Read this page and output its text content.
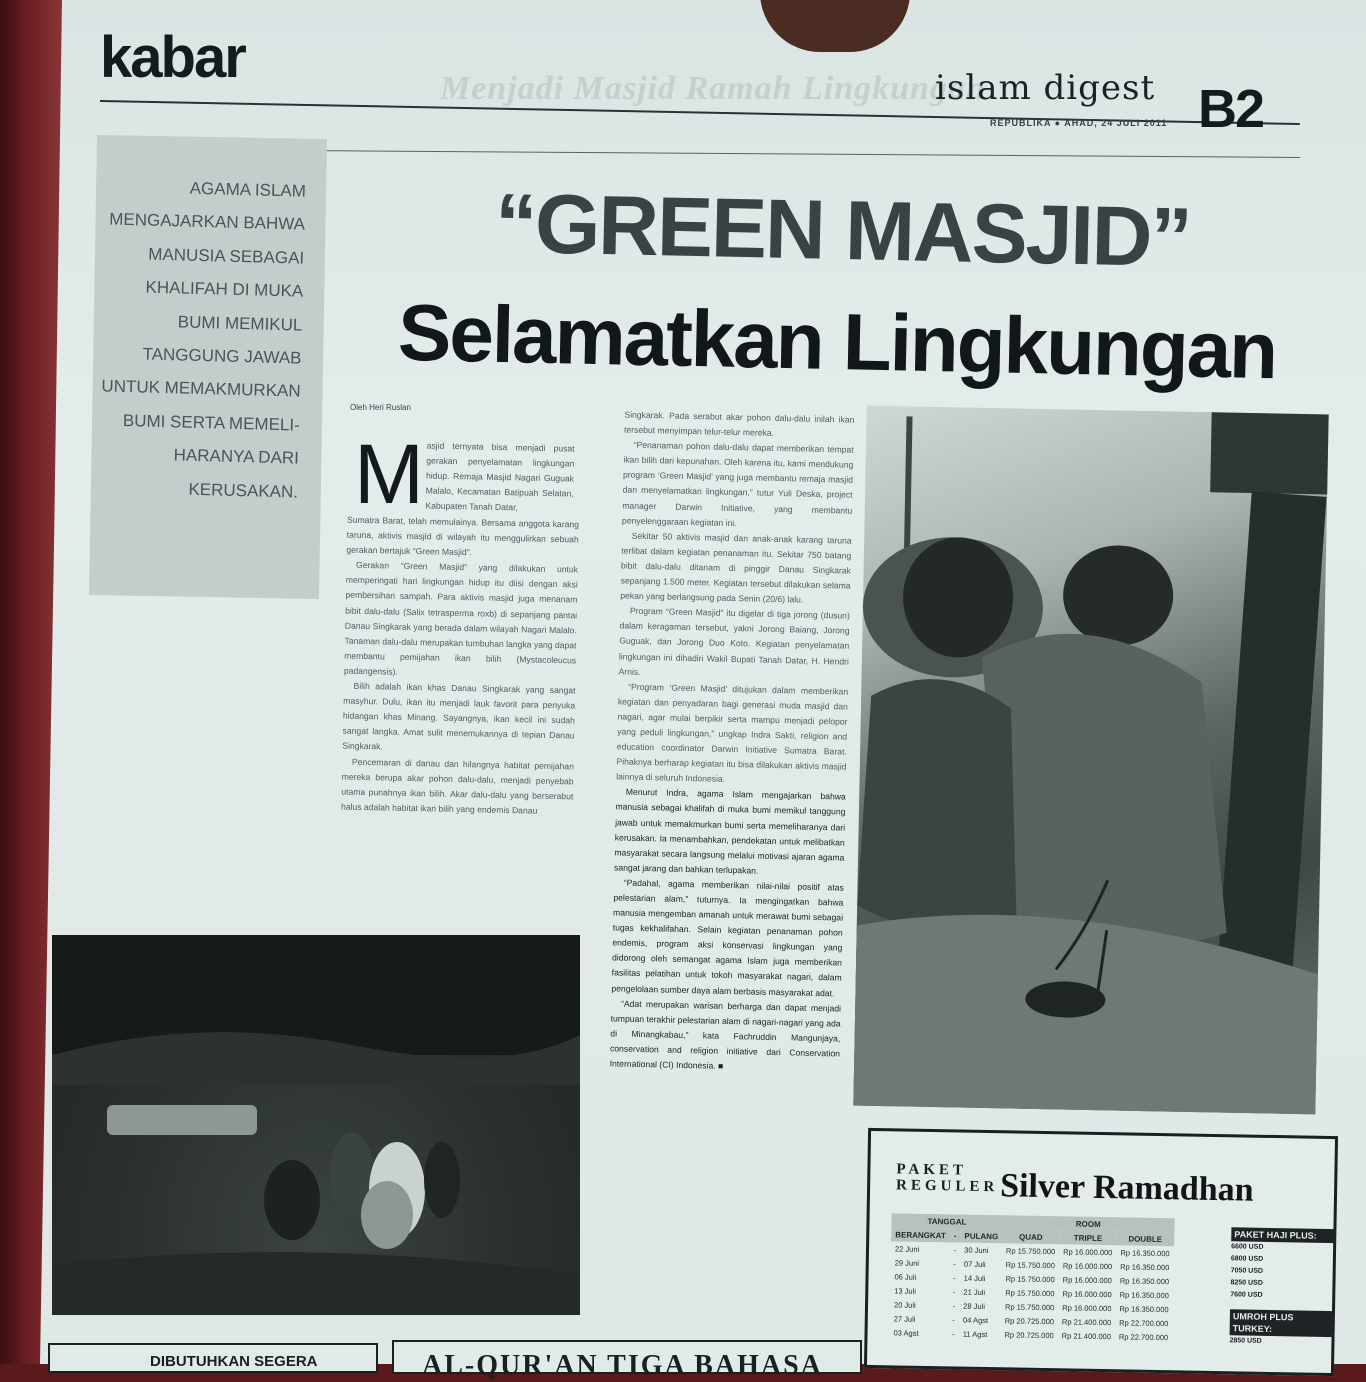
kabar	Menjadi Masjid Ramah Lingkungan
islam digest
REPUBLIKA ● AHAD, 24 JULI 2011 B2
AGAMA ISLAM MENGAJARKAN BAHWA MANUSIA SEBAGAI KHALIFAH DI MUKA BUMI MEMIKUL TANGGUNG JAWAB UNTUK MEMAKMURKAN BUMI SERTA MEMELI-HARANYA DARI KERUSAKAN.
“GREEN MASJID”
Selamatkan Lingkungan
Oleh Heri Ruslan
M asjid ternyata bisa menjadi pusat gerakan penyelamatan lingkungan hidup. Remaja Masjid Nagari Guguak Malalo, Kecamatan Batipuah Selatan, Kabupaten Tanah Datar,

Sumatra Barat, telah memulainya. Bersama anggota karang taruna, aktivis masjid di wilayah itu menggulirkan sebuah gerakan bertajuk “Green Masjid”.

Gerakan “Green Masjid” yang dilakukan untuk memperingati hari lingkungan hidup itu diisi dengan aksi pembersihan sampah. Para aktivis masjid juga menanam bibit dalu-dalu (Salix tetrasperma roxb) di sepanjang pantai Danau Singkarak yang berada dalam wilayah Nagari Malalo. Tanaman dalu-dalu merupakan tumbuhan langka yang dapat membantu pemijahan ikan bilih (Mystacoleucus padangensis).

Bilih adalah ikan khas Danau Singkarak yang sangat masyhur. Dulu, ikan itu menjadi lauk favorit para penyuka hidangan khas Minang. Sayangnya, ikan kecil ini sudah sangat langka. Amat sulit menemukannya di tepian Danau Singkarak.

Pencemaran di danau dan hilangnya habitat pemijahan mereka berupa akar pohon dalu-dalu, menjadi penyebab utama punahnya ikan bilih. Akar dalu-dalu yang berserabut halus adalah habitat ikan bilih yang endemis Danau

Singkarak. Pada serabut akar pohon dalu-dalu inilah ikan tersebut menyimpan telur-telur mereka.

“Penanaman pohon dalu-dalu dapat memberikan tempat ikan bilih dari kepunahan. Oleh karena itu, kami mendukung program ‘Green Masjid’ yang juga membantu remaja masjid dan menyelamatkan lingkungan,” tutur Yuli Deska, project manager Darwin Initiative, yang membantu penyelenggaraan kegiatan ini.

Sekitar 50 aktivis masjid dan anak-anak karang taruna terlibat dalam kegiatan penanaman itu. Sekitar 750 batang bibit dalu-dalu ditanam di pinggir Danau Singkarak sepanjang 1.500 meter. Kegiatan tersebut dilakukan selama pekan yang berlangsung pada Senin (20/6) lalu.

Program “Green Masjid” itu digelar di tiga jorong (dusun) dalam keragaman tersebut, yakni Jorong Baiang, Jorong Guguak, dan Jorong Duo Koto. Kegiatan penyelamatan lingkungan ini dihadiri Wakil Bupati Tanah Datar, H. Hendri Arnis.

“Program ‘Green Masjid’ ditujukan dalam memberikan kegiatan dan penyadaran bagi generasi muda masjid dan nagari, agar mulai berpikir serta mampu menjadi pelopor yang peduli lingkungan,” ungkap Indra Sakti, religion and education coordinator Darwin Initiative Sumatra Barat. Pihaknya berharap kegiatan itu bisa dilakukan aktivis masjid lainnya di seluruh Indonesia.

Menurut Indra, agama Islam mengajarkan bahwa manusia sebagai khalifah di muka bumi memikul tanggung jawab untuk memakmurkan bumi serta memeliharanya dari kerusakan. Ia menambahkan, pendekatan untuk melibatkan masyarakat secara langsung melalui motivasi ajaran agama sangat jarang dan bahkan terlupakan.

“Padahal, agama memberikan nilai-nilai positif atas pelestarian alam,” tuturnya. Ia mengingatkan bahwa manusia mengemban amanah untuk merawat bumi sebagai tugas kekhalifahan. Selain kegiatan penanaman pohon endemis, program aksi konservasi lingkungan yang didorong oleh semangat agama Islam juga memberikan fasilitas pelatihan untuk tokoh masyarakat nagari, dalam pengelolaan sumber daya alam berbasis masyarakat adat.

“Adat merupakan warisan berharga dan dapat menjadi tumpuan terakhir pelestarian alam di nagari-nagari yang ada di Minangkabau,” kata Fachruddin Mangunjaya, conservation and religion initiative dari Conservation International (CI) Indonesia. ■

PAKET REGULER Silver Ramadhan
TANGGAL			ROOM		
BERANGKAT	-	PULANG	QUAD	TRIPLE	DOUBLE
22 Juni	-	30 Juni	Rp 15.750.000	Rp 16.000.000	Rp 16.350.000
29 Juni	-	07 Juli	Rp 15.750.000	Rp 16.000.000	Rp 16.350.000
06 Juli	-	14 Juli	Rp 15.750.000	Rp 16.000.000	Rp 16.350.000
13 Juli	-	21 Juli	Rp 15.750.000	Rp 16.000.000	Rp 16.350.000
20 Juli	-	28 Juli	Rp 15.750.000	Rp 16.000.000	Rp 16.350.000
27 Juli	-	04 Agst	Rp 20.725.000	Rp 21.400.000	Rp 22.700.000
03 Agst	-	11 Agst	Rp 20.725.000	Rp 21.400.000	Rp 22.700.000
PAKET HAJI PLUS:
6600 USD
6800 USD
7050 USD
8250 USD
7600 USD
UMROH PLUS TURKEY:
2850 USD
DIBUTUHKAN SEGERA	AL-QUR'AN TIGA BAHASA
